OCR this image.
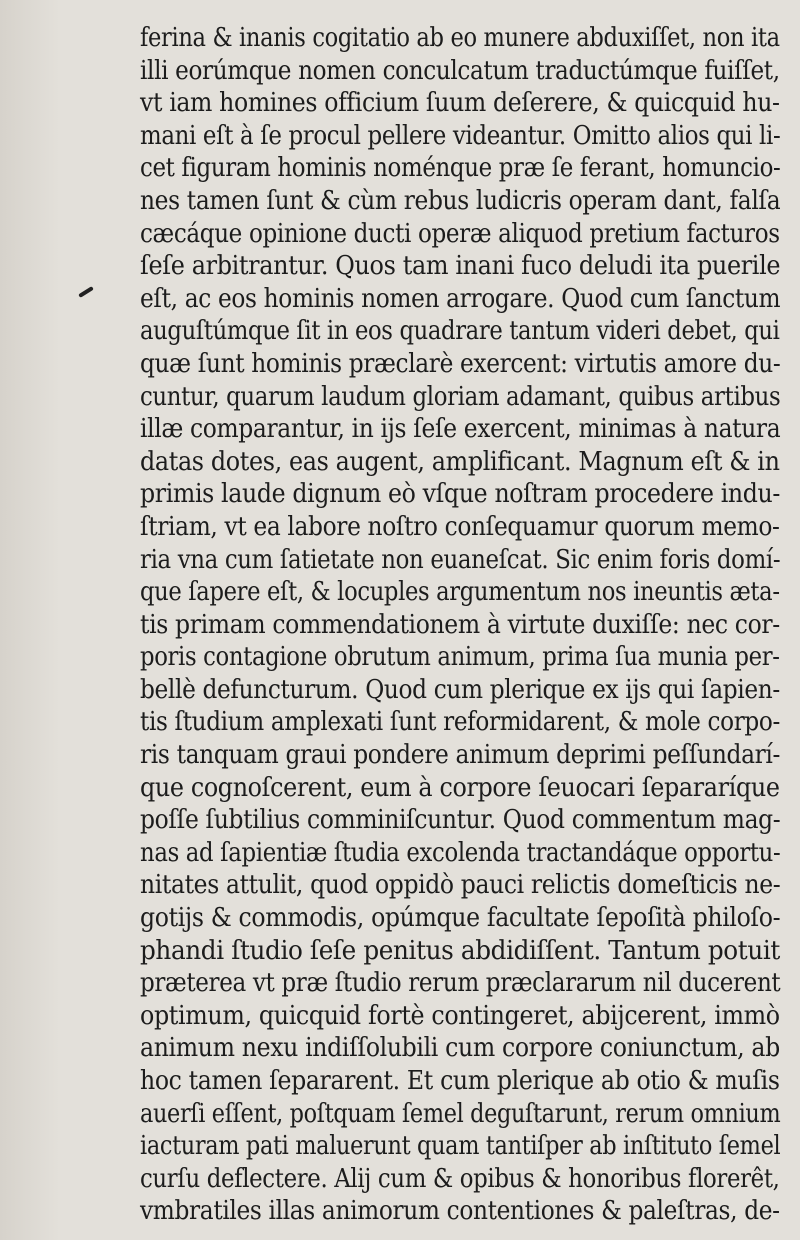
ferina & inanis cogitatio ab eo munere abduxiſſet, non ita
illi eorúmque nomen conculcatum traductúmque fuiſſet,
vt iam homines officium ſuum deſerere, & quicquid hu-
mani eſt à ſe procul pellere videantur. Omitto alios qui li-
cet figuram hominis noménque præ ſe ferant, homuncio-
nes tamen ſunt & cùm rebus ludicris operam dant, falſa
cæcáque opinione ducti operæ aliquod pretium facturos
ſeſe arbitrantur. Quos tam inani fuco deludi ita puerile
eſt, ac eos hominis nomen arrogare. Quod cum ſanctum
auguſtúmque ſit in eos quadrare tantum videri debet, qui
quæ ſunt hominis præclarè exercent: virtutis amore du-
cuntur, quarum laudum gloriam adamant, quibus artibus
illæ comparantur, in ijs ſeſe exercent, minimas à natura
datas dotes, eas augent, amplificant. Magnum eſt & in
primis laude dignum eò vſque noſtram procedere indu-
ſtriam, vt ea labore noſtro conſequamur quorum memo-
ria vna cum ſatietate non euaneſcat. Sic enim foris domí-
que ſapere eſt, & locuples argumentum nos ineuntis æta-
tis primam commendationem à virtute duxiſſe: nec cor-
poris contagione obrutum animum, prima ſua munia per-
bellè defuncturum. Quod cum plerique ex ijs qui ſapien-
tis ſtudium amplexati ſunt reformidarent, & mole corpo-
ris tanquam graui pondere animum deprimi peſſundarí-
que cognoſcerent, eum à corpore ſeuocari ſepararíque
poſſe ſubtilius comminiſcuntur. Quod commentum mag-
nas ad ſapientiæ ſtudia excolenda tractandáque opportu-
nitates attulit, quod oppidò pauci relictis domeſticis ne-
gotijs & commodis, opúmque facultate ſepoſità philoſo-
phandi ſtudio ſeſe penitus abdidiſſent. Tantum potuit
præterea vt præ ſtudio rerum præclararum nil ducerent
optimum, quicquid fortè contingeret, abijcerent, immò
animum nexu indiſſolubili cum corpore coniunctum, ab
hoc tamen ſepararent. Et cum plerique ab otio & muſis
auerſi eſſent, poſtquam ſemel deguſtarunt, rerum omnium
iacturam pati maluerunt quam tantiſper ab inſtituto ſemel
curſu deflectere. Alij cum & opibus & honoribus florerêt,
vmbratiles illas animorum contentiones & paleſtras, de-
